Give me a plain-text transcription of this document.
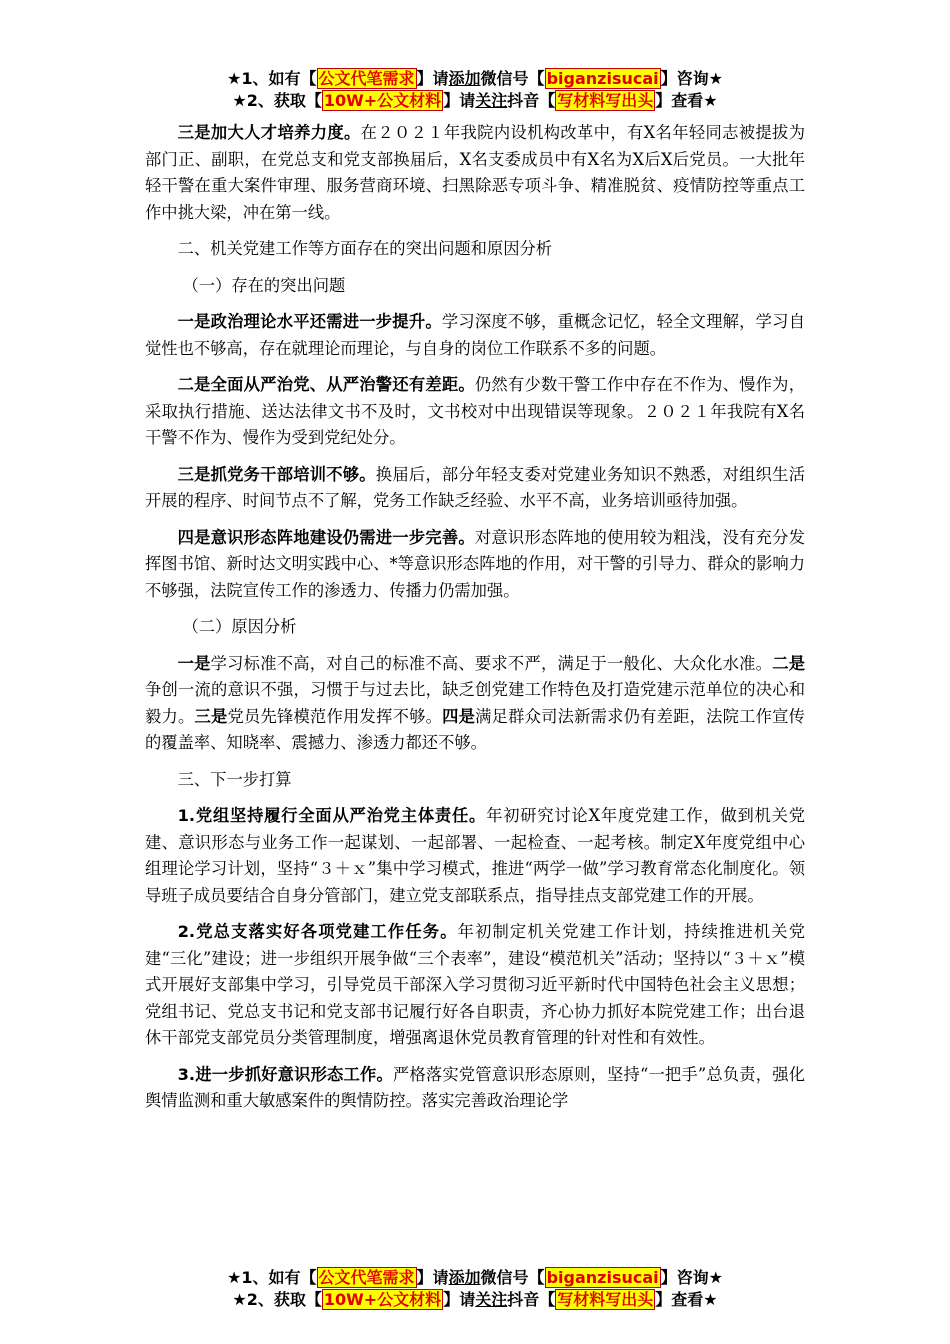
★1、如有【 公文代笔需求 】请添加微信号【 biganzisucai 】咨询★
★2、获取【 10W+公文材料 】请关注抖音【 写材料写出头 】查看★

三是加大人才培养力度。在２０２１年我院内设机构改革中，有X名年轻同志被提拔为部门正、副职，在党总支和党支部换届后，X名支委成员中有X名为X后X后党员。一大批年轻干警在重大案件审理、服务营商环境、扫黑除恶专项斗争、精准脱贫、疫情防控等重点工作中挑大梁，冲在第一线。

二、机关党建工作等方面存在的突出问题和原因分析
（一）存在的突出问题

一是政治理论水平还需进一步提升。学习深度不够，重概念记忆，轻全文理解，学习自觉性也不够高，存在就理论而理论，与自身的岗位工作联系不多的问题。

二是全面从严治党、从严治警还有差距。仍然有少数干警工作中存在不作为、慢作为，采取执行措施、送达法律文书不及时，文书校对中出现错误等现象。２０２１年我院有X名干警不作为、慢作为受到党纪处分。

三是抓党务干部培训不够。换届后，部分年轻支委对党建业务知识不熟悉，对组织生活开展的程序、时间节点不了解，党务工作缺乏经验、水平不高，业务培训亟待加强。

四是意识形态阵地建设仍需进一步完善。对意识形态阵地的使用较为粗浅，没有充分发挥图书馆、新时达文明实践中心、*等意识形态阵地的作用，对干警的引导力、群众的影响力不够强，法院宣传工作的渗透力、传播力仍需加强。

（二）原因分析

一是学习标准不高，对自己的标准不高、要求不严，满足于一般化、大众化水准。二是争创一流的意识不强，习惯于与过去比，缺乏创党建工作特色及打造党建示范单位的决心和毅力。三是党员先锋模范作用发挥不够。四是满足群众司法新需求仍有差距，法院工作宣传的覆盖率、知晓率、震撼力、渗透力都还不够。

三、下一步打算

1.党组坚持履行全面从严治党主体责任。年初研究讨论X年度党建工作，做到机关党建、意识形态与业务工作一起谋划、一起部署、一起检查、一起考核。制定X年度党组中心组理论学习计划，坚持“３＋ｘ”集中学习模式，推进“两学一做”学习教育常态化制度化。领导班子成员要结合自身分管部门，建立党支部联系点，指导挂点支部党建工作的开展。

2.党总支落实好各项党建工作任务。年初制定机关党建工作计划，持续推进机关党建“三化”建设；进一步组织开展争做“三个表率”，建设“模范机关”活动；坚持以“３＋ｘ”模式开展好支部集中学习，引导党员干部深入学习贯彻习近平新时代中国特色社会主义思想；党组书记、党总支书记和党支部书记履行好各自职责，齐心协力抓好本院党建工作；出台退休干部党支部党员分类管理制度，增强离退休党员教育管理的针对性和有效性。

3.进一步抓好意识形态工作。严格落实党管意识形态原则，坚持“一把手”总负责，强化舆情监测和重大敏感案件的舆情防控。落实完善政治理论学

★1、如有【 公文代笔需求 】请添加微信号【 biganzisucai 】咨询★
★2、获取【 10W+公文材料 】请关注抖音【 写材料写出头 】查看★
